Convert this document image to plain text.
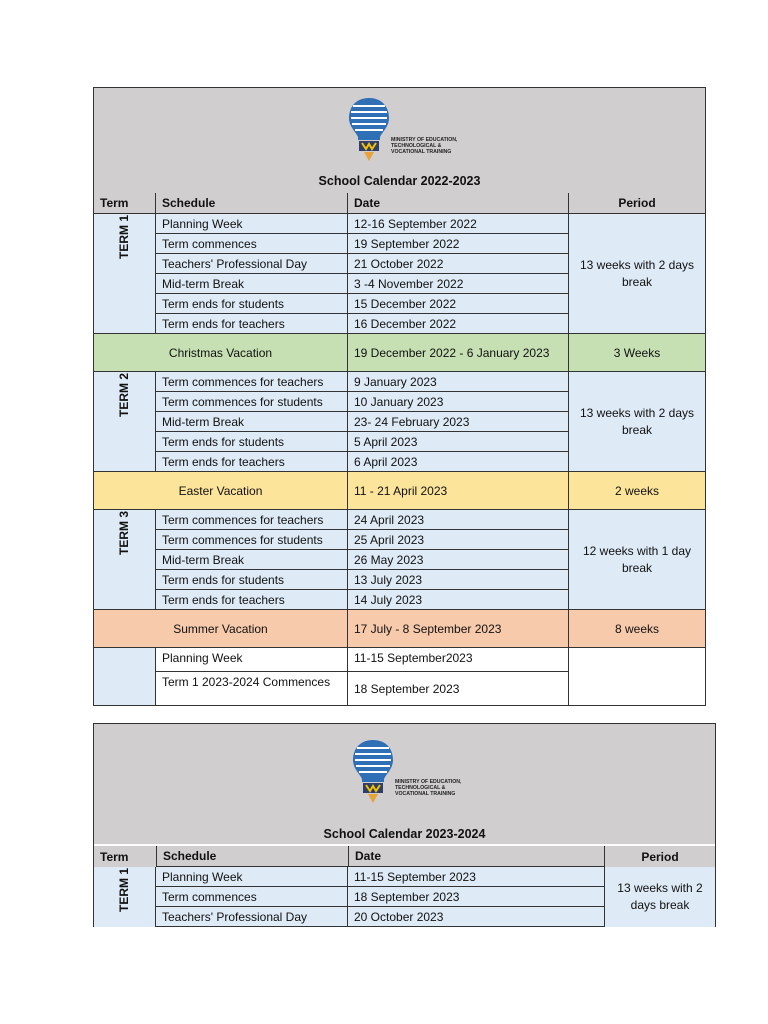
MINISTRY OF EDUCATION,
TECHNOLOGICAL &
VOCATIONAL TRAINING
School Calendar 2022-2023
Term	Schedule	Date	Period
TERM 1	Planning Week	12-16 September 2022
Term commences	19 September 2022
Teachers' Professional Day	21 October 2022
Mid-term Break	3 -4 November 2022
Term ends for students	15 December 2022
Term ends for teachers	16 December 2022
13 weeks with 2 days break
Christmas Vacation	19 December 2022 - 6 January 2023	3 Weeks
TERM 2	Term commences for teachers	9 January 2023
Term commences for students	10 January 2023
Mid-term Break	23- 24 February 2023
Term ends for students	5 April 2023
Term ends for teachers	6 April 2023
13 weeks with 2 days break
Easter Vacation	11 - 21 April 2023	2 weeks
TERM 3	Term commences for teachers	24 April 2023
Term commences for students	25 April 2023
Mid-term Break	26 May 2023
Term ends for students	13 July 2023
Term ends for teachers	14 July 2023
12 weeks with 1 day break
Summer Vacation	17 July - 8 September 2023	8 weeks
Planning Week	11-15 September2023
Term 1 2023-2024 Commences	18 September 2023
MINISTRY OF EDUCATION,
TECHNOLOGICAL &
VOCATIONAL TRAINING
School Calendar 2023-2024
Term	Schedule	Date	Period
TERM 1	Planning Week	11-15 September 2023
Term commences	18 September 2023
Teachers' Professional Day	20 October 2023
13 weeks with 2 days break
